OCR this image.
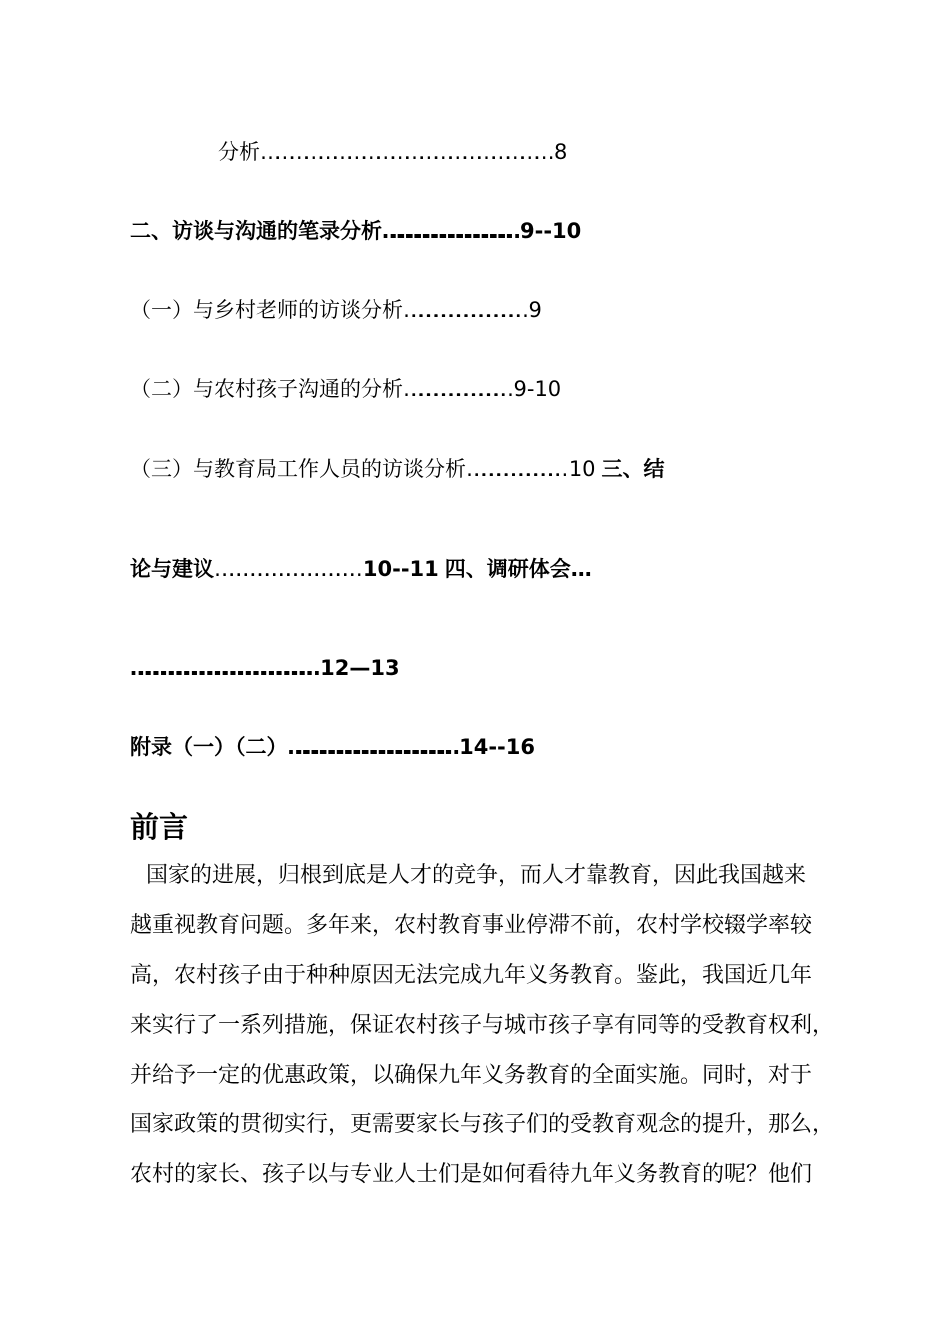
分析…………………………………………………… 8
二、访谈与沟通的笔录分析……………………………………… 9--10
（一）与乡村老师的访谈分析……………………………………… 9
（二）与农村孩子沟通的分析………………………………… 9-10
（三）与教育局工作人员的访谈分析……………………………… 10 三、结
论与建议………………………………………………… 10--11 四、调研体会…
…………………………………………………………… 12—13
附录（一）（二）………………………………………………… 14--16
前言
国家的进展，归根到底是人才的竞争，而人才靠教育，因此我国越来
越重视教育问题。多年来，农村教育事业停滞不前，农村学校辍学率较
高，农村孩子由于种种原因无法完成九年义务教育。鉴此，我国近几年
来实行了一系列措施，保证农村孩子与城市孩子享有同等的受教育权利，
并给予一定的优惠政策，以确保九年义务教育的全面实施。同时，对于
国家政策的贯彻实行，更需要家长与孩子们的受教育观念的提升，那么，
农村的家长、孩子以与专业人士们是如何看待九年义务教育的呢？他们
